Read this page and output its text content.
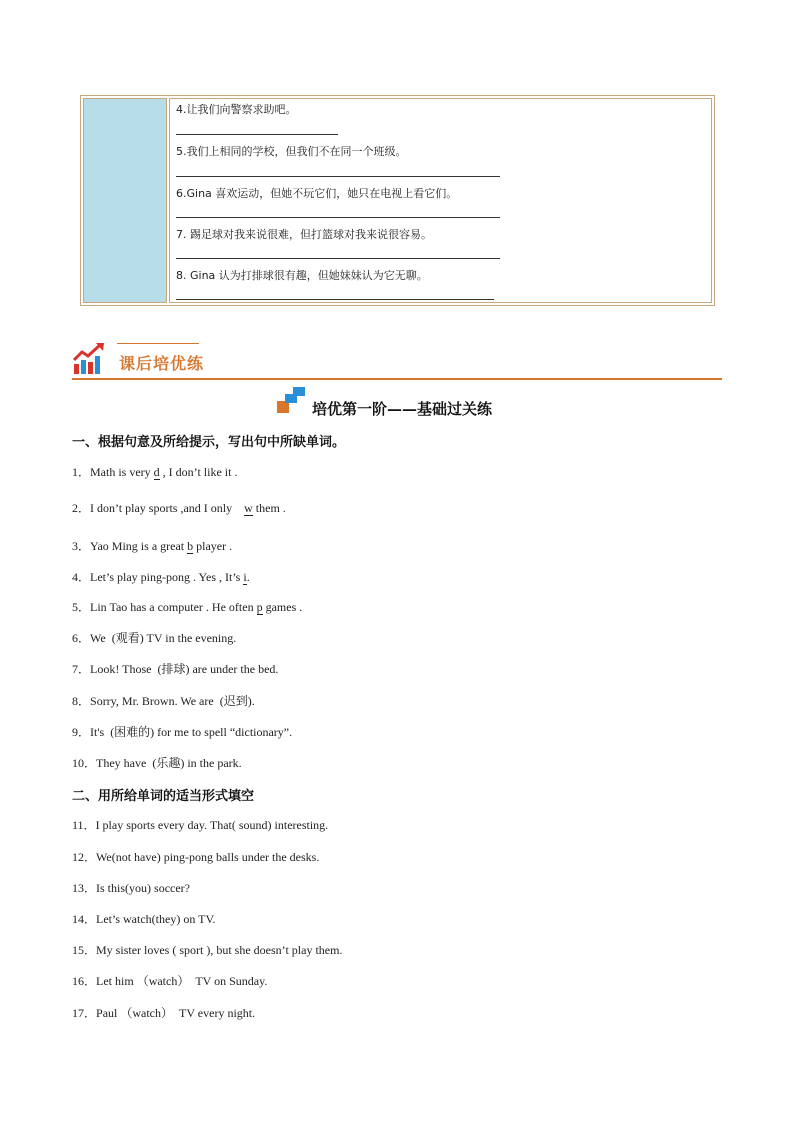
4.让我们向警察求助吧。
5.我们上相同的学校，但我们不在同一个班级。
6.Gina 喜欢运动，但她不玩它们，她只在电视上看它们。
7. 踢足球对我来说很难，但打篮球对我来说很容易。
8. Gina 认为打排球很有趣，但她妹妹认为它无聊。
课后培优练
培优第一阶——基础过关练
一、根据句意及所给提示，写出句中所缺单词。
1．Math is very d , I don’t like it .
2．I don’t play sports ,and I only    w them .
3．Yao Ming is a great b player .
4．Let’s play ping-pong . Yes , It’s i.
5．Lin Tao has a computer . He often p games .
6．We  (观看) TV in the evening.
7．Look! Those  (排球) are under the bed.
8．Sorry, Mr. Brown. We are  (迟到).
9．It's  (困难的) for me to spell “dictionary”.
10．They have  (乐趣) in the park.
二、用所给单词的适当形式填空
11．I play sports every day. That( sound) interesting.
12．We(not have) ping-pong balls under the desks.
13．Is this(you) soccer?
14．Let’s watch(they) on TV.
15．My sister loves ( sport ), but she doesn’t play them.
16．Let him （watch）  TV on Sunday.
17．Paul （watch）  TV every night.
